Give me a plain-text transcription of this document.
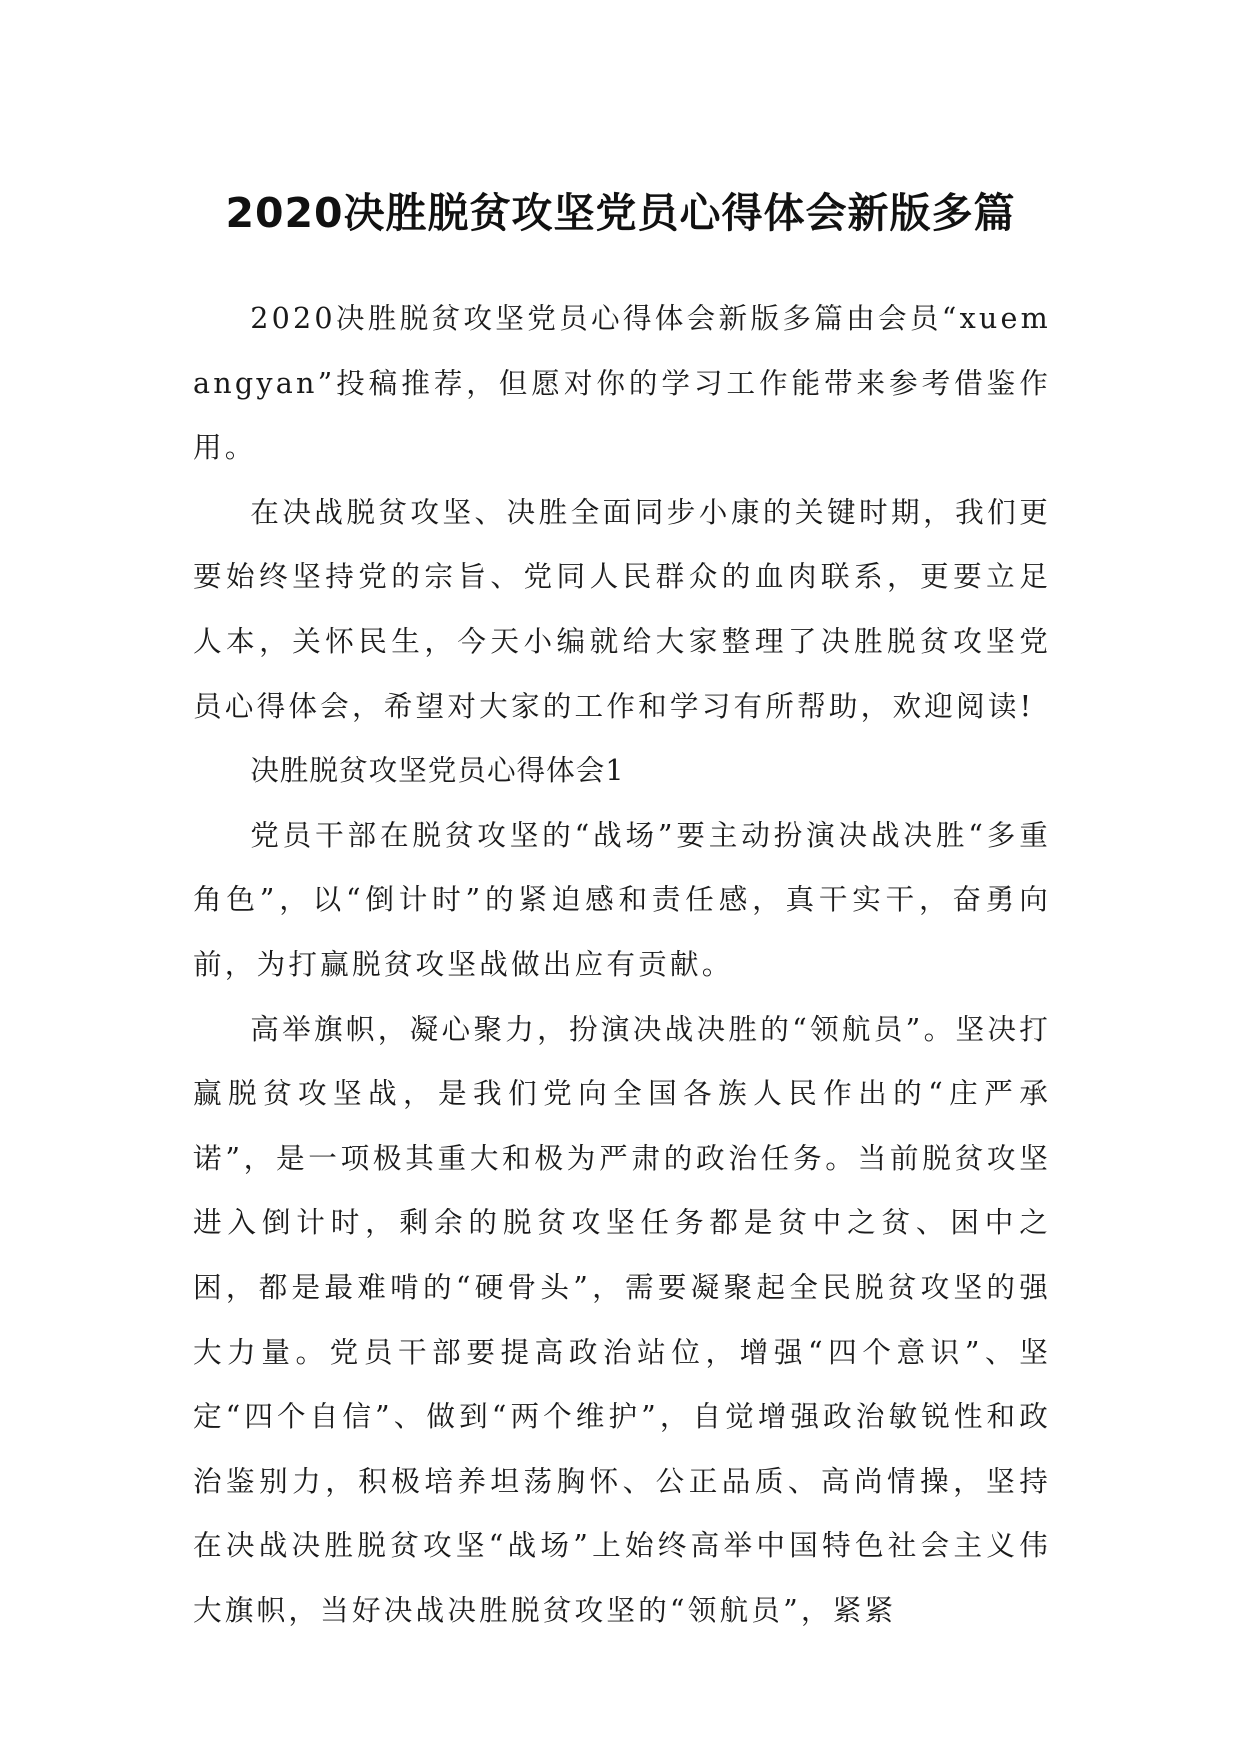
2020决胜脱贫攻坚党员心得体会新版多篇

2020决胜脱贫攻坚党员心得体会新版多篇由会员“xuemangyan”投稿推荐，但愿对你的学习工作能带来参考借鉴作用。

在决战脱贫攻坚、决胜全面同步小康的关键时期，我们更要始终坚持党的宗旨、党同人民群众的血肉联系，更要立足人本，关怀民生，今天小编就给大家整理了决胜脱贫攻坚党员心得体会，希望对大家的工作和学习有所帮助，欢迎阅读!

决胜脱贫攻坚党员心得体会1

党员干部在脱贫攻坚的“战场”要主动扮演决战决胜“多重角色”，以“倒计时”的紧迫感和责任感，真干实干，奋勇向前，为打赢脱贫攻坚战做出应有贡献。

高举旗帜，凝心聚力，扮演决战决胜的“领航员”。坚决打赢脱贫攻坚战，是我们党向全国各族人民作出的“庄严承诺”，是一项极其重大和极为严肃的政治任务。当前脱贫攻坚进入倒计时，剩余的脱贫攻坚任务都是贫中之贫、困中之困，都是最难啃的“硬骨头”，需要凝聚起全民脱贫攻坚的强大力量。党员干部要提高政治站位，增强“四个意识”、坚定“四个自信”、做到“两个维护”，自觉增强政治敏锐性和政治鉴别力，积极培养坦荡胸怀、公正品质、高尚情操，坚持在决战决胜脱贫攻坚“战场”上始终高举中国特色社会主义伟大旗帜，当好决战决胜脱贫攻坚的“领航员”，紧紧
